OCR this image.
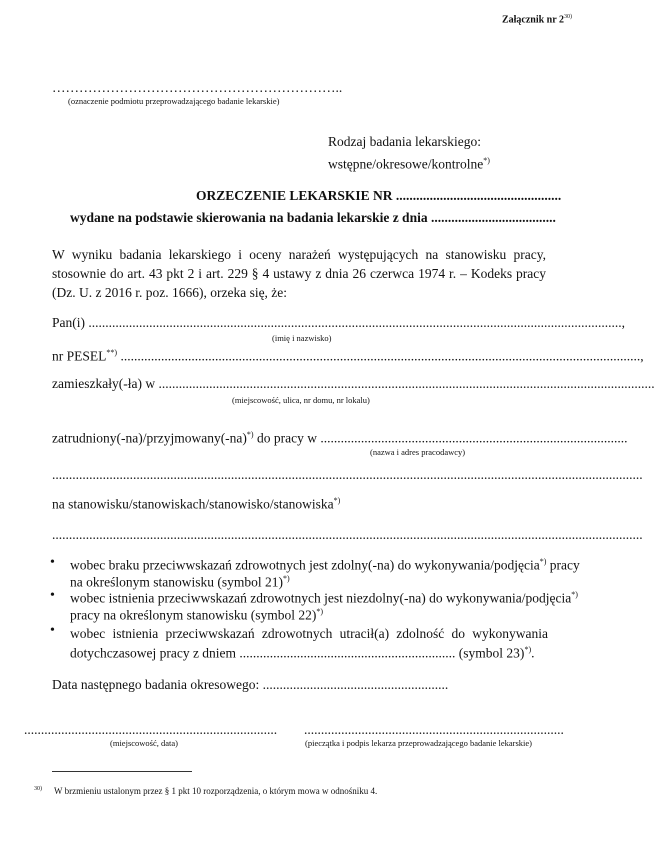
Załącznik nr 2$^{30)}$
………………………………………………………..
(oznaczenie podmiotu przeprowadzającego badanie lekarskie)
Rodzaj badania lekarskiego:
wstępne/okresowe/kontrolne*)
ORZECZENIE LEKARSKIE NR .................................................
wydane na podstawie skierowania na badania lekarskie z dnia .....................................
W wyniku badania lekarskiego i oceny narażeń występujących na stanowisku pracy, stosownie do art. 43 pkt 2 i art. 229 § 4 ustawy z dnia 26 czerwca 1974 r. – Kodeks pracy (Dz. U. z 2016 r. poz. 1666), orzeka się, że:
Pan(i) ..............................................................................................................................................................,
(imię i nazwisko)
nr PESEL**) ..........................................................................................................................................................,
zamieszkały(-ła) w ...................................................................................................................................................
(miejscowość, ulica, nr domu, nr lokalu)
zatrudniony(-na)/przyjmowany(-na)*) do pracy w ...........................................................................................
(nazwa i adres pracodawcy)
...............................................................................................................................................................................
na stanowisku/stanowiskach/stanowisko/stanowiska*)
...............................................................................................................................................................................
• wobec braku przeciwwskazań zdrowotnych jest zdolny(-na) do wykonywania/podjęcia*) pracy
na określonym stanowisku (symbol 21)*)
• wobec istnienia przeciwwskazań zdrowotnych jest niezdolny(-na) do wykonywania/podjęcia*)
pracy na określonym stanowisku (symbol 22)*)
• wobec istnienia przeciwwskazań zdrowotnych utracił(a) zdolność do wykonywania
dotychczasowej pracy z dniem ................................................................ (symbol 23)*).
Data następnego badania okresowego: .......................................................
...........................................................................
(miejscowość, data)
.............................................................................
(pieczątka i podpis lekarza przeprowadzającego badanie lekarskie)
$^{30)}$ W brzmieniu ustalonym przez § 1 pkt 10 rozporządzenia, o którym mowa w odnośniku 4.
